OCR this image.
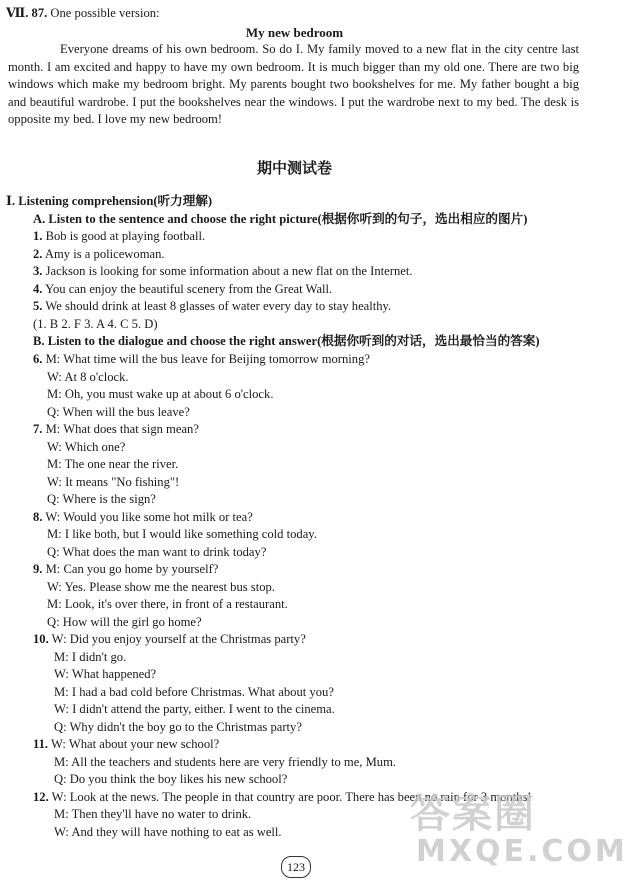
Ⅶ. 87. One possible version:
My new bedroom
Everyone dreams of his own bedroom. So do I. My family moved to a new flat in the city centre last month. I am excited and happy to have my own bedroom. It is much bigger than my old one. There are two big windows which make my bedroom bright. My parents bought two bookshelves for me. My father bought a big and beautiful wardrobe. I put the bookshelves near the windows. I put the wardrobe next to my bed. The desk is opposite my bed. I love my new bedroom!
期中测试卷
Ⅰ. Listening comprehension(听力理解)
A. Listen to the sentence and choose the right picture(根据你听到的句子，选出相应的图片)
1. Bob is good at playing football.
2. Amy is a policewoman.
3. Jackson is looking for some information about a new flat on the Internet.
4. You can enjoy the beautiful scenery from the Great Wall.
5. We should drink at least 8 glasses of water every day to stay healthy.
(1. B 2. F 3. A 4. C 5. D)
B. Listen to the dialogue and choose the right answer(根据你听到的对话，选出最恰当的答案)
6. M: What time will the bus leave for Beijing tomorrow morning?
W: At 8 o'clock.
M: Oh, you must wake up at about 6 o'clock.
Q: When will the bus leave?
7. M: What does that sign mean?
W: Which one?
M: The one near the river.
W: It means "No fishing"!
Q: Where is the sign?
8. W: Would you like some hot milk or tea?
M: I like both, but I would like something cold today.
Q: What does the man want to drink today?
9. M: Can you go home by yourself?
W: Yes. Please show me the nearest bus stop.
M: Look, it's over there, in front of a restaurant.
Q: How will the girl go home?
10. W: Did you enjoy yourself at the Christmas party?
M: I didn't go.
W: What happened?
M: I had a bad cold before Christmas. What about you?
W: I didn't attend the party, either. I went to the cinema.
Q: Why didn't the boy go to the Christmas party?
11. W: What about your new school?
M: All the teachers and students here are very friendly to me, Mum.
Q: Do you think the boy likes his new school?
12. W: Look at the news. The people in that country are poor. There has been no rain for 3 months!
M: Then they'll have no water to drink.
W: And they will have nothing to eat as well.
123
答案圈
MXQE.COM
